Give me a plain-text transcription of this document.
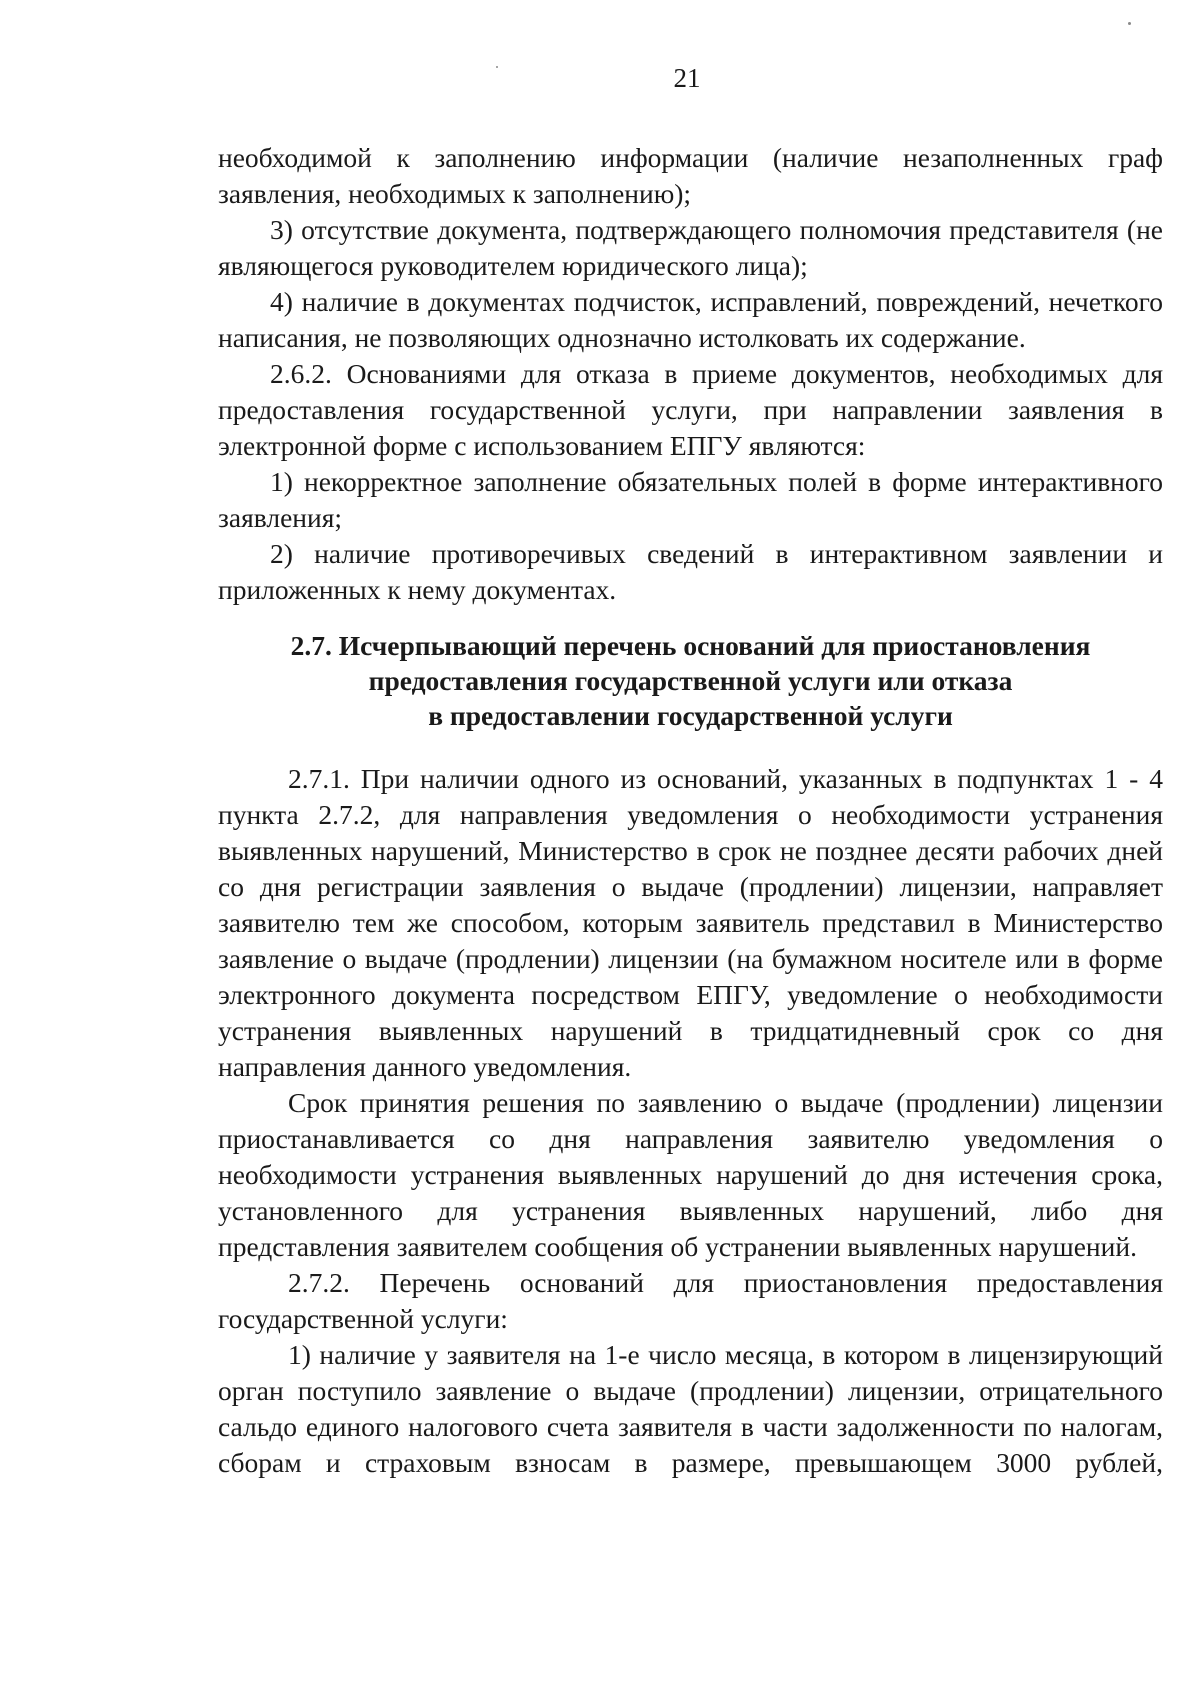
21

необходимой к заполнению информации (наличие незаполненных граф заявления, необходимых к заполнению);

3) отсутствие документа, подтверждающего полномочия представителя (не являющегося руководителем юридического лица);

4) наличие в документах подчисток, исправлений, повреждений, нечеткого написания, не позволяющих однозначно истолковать их содержание.

2.6.2. Основаниями для отказа в приеме документов, необходимых для предоставления государственной услуги, при направлении заявления в электронной форме с использованием ЕПГУ являются:

1) некорректное заполнение обязательных полей в форме интерактивного заявления;

2) наличие противоречивых сведений в интерактивном заявлении и приложенных к нему документах.

2.7. Исчерпывающий перечень оснований для приостановления
предоставления государственной услуги или отказа
в предоставлении государственной услуги

2.7.1. При наличии одного из оснований, указанных в подпунктах 1 - 4 пункта 2.7.2, для направления уведомления о необходимости устранения выявленных нарушений, Министерство в срок не позднее десяти рабочих дней со дня регистрации заявления о выдаче (продлении) лицензии, направляет заявителю тем же способом, которым заявитель представил в Министерство заявление о выдаче (продлении) лицензии (на бумажном носителе или в форме электронного документа посредством ЕПГУ, уведомление о необходимости устранения выявленных нарушений в тридцатидневный срок со дня направления данного уведомления.

Срок принятия решения по заявлению о выдаче (продлении) лицензии приостанавливается со дня направления заявителю уведомления о необходимости устранения выявленных нарушений до дня истечения срока, установленного для устранения выявленных нарушений, либо дня представления заявителем сообщения об устранении выявленных нарушений.

2.7.2. Перечень оснований для приостановления предоставления государственной услуги:

1) наличие у заявителя на 1-е число месяца, в котором в лицензирующий орган поступило заявление о выдаче (продлении) лицензии, отрицательного сальдо единого налогового счета заявителя в части задолженности по налогам, сборам и страховым взносам в размере, превышающем 3000 рублей,
